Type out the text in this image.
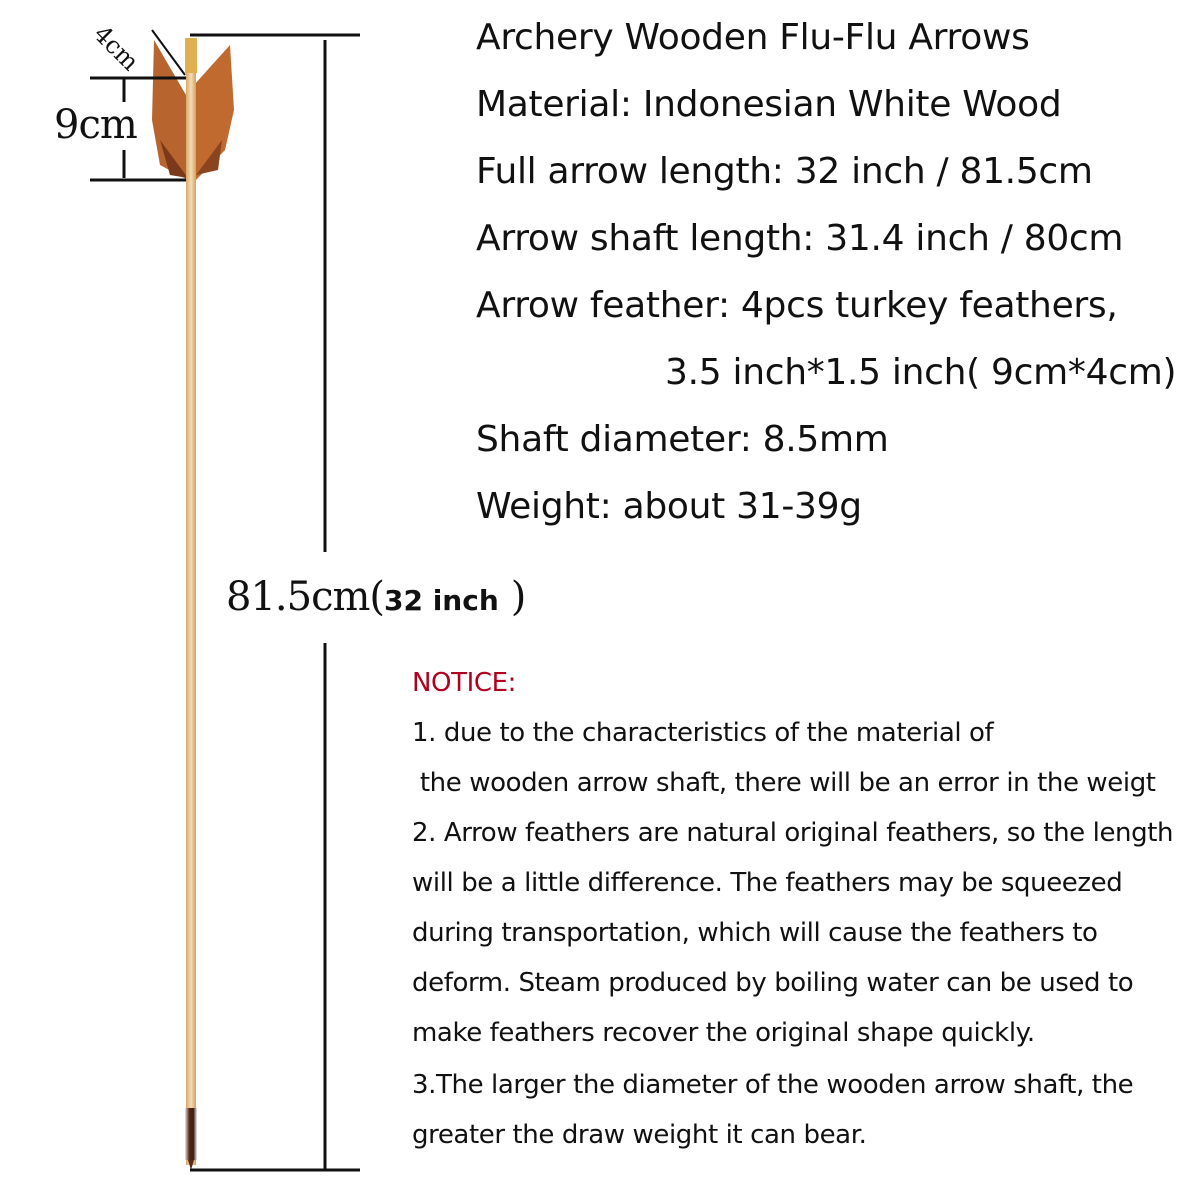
4cm
9cm
81.5cm(32 inch )
Archery Wooden Flu-Flu Arrows
Material: Indonesian White Wood
Full arrow length: 32 inch / 81.5cm
Arrow shaft length: 31.4 inch / 80cm
Arrow feather: 4pcs turkey feathers,
3.5 inch*1.5 inch( 9cm*4cm)
Shaft diameter: 8.5mm
Weight: about 31-39g
NOTICE:
1. due to the characteristics of the material of
the wooden arrow shaft, there will be an error in the weigt
2. Arrow feathers are natural original feathers, so the length
will be a little difference. The feathers may be squeezed
during transportation, which will cause the feathers to
deform. Steam produced by boiling water can be used to
make feathers recover the original shape quickly.
3.The larger the diameter of the wooden arrow shaft, the
greater the draw weight it can bear.
